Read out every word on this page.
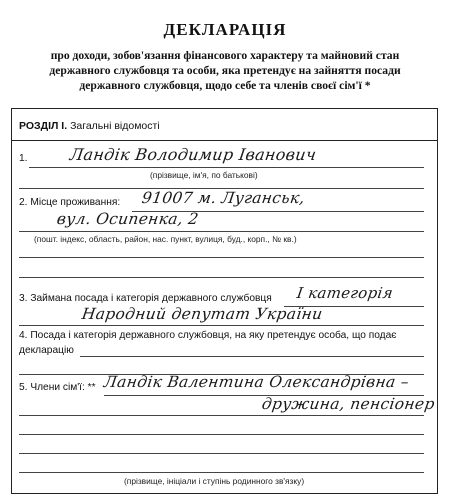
ДЕКЛАРАЦІЯ
про доходи, зобов'язання фінансового характеру та майновий стан
державного службовця та особи, яка претендує на зайняття посади
державного службовця, щодо себе та членів своєї сім'ї *
РОЗДІЛ I. Загальні відомості
1.	Ландік Володимир Іванович
(прізвище, ім'я, по батькові)
2. Місце проживання: 91007 м. Луганськ,
вул. Осипенка, 2
(пошт. індекс, область, район, нас. пункт, вулиця, буд., корп., № кв.)
3. Займана посада і категорія державного службовця I категорія
Народний депутат України
4. Посада і категорія державного службовця, на яку претендує особа, що подає
декларацію
5. Члени сім'ї: ** Ландік Валентина Олександрівна –
дружина, пенсіонер
(прізвище, ініціали і ступінь родинного зв'язку)
